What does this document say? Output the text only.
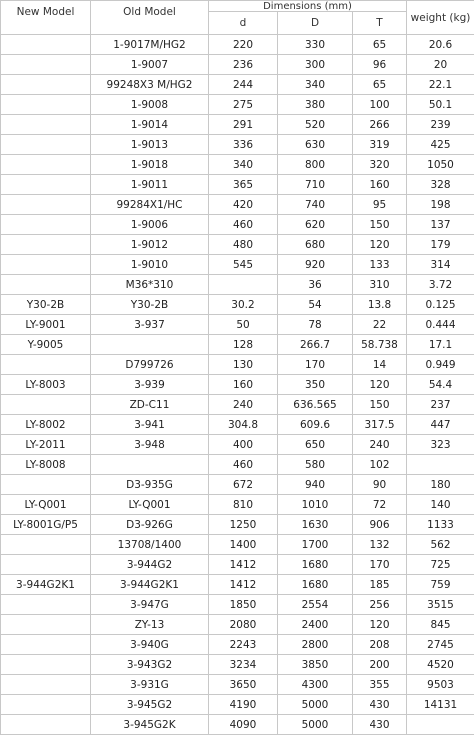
New Model	Old Model	Dimensions (mm)			weight (kg)
		d	D	T	
	1-9017M/HG2	220	330	65	20.6
	1-9007	236	300	96	20
	99248X3 M/HG2	244	340	65	22.1
	1-9008	275	380	100	50.1
	1-9014	291	520	266	239
	1-9013	336	630	319	425
	1-9018	340	800	320	1050
	1-9011	365	710	160	328
	99284X1/HC	420	740	95	198
	1-9006	460	620	150	137
	1-9012	480	680	120	179
	1-9010	545	920	133	314
	M36*310		36	310	3.72
Y30-2B	Y30-2B	30.2	54	13.8	0.125
LY-9001	3-937	50	78	22	0.444
Y-9005		128	266.7	58.738	17.1
	D799726	130	170	14	0.949
LY-8003	3-939	160	350	120	54.4
	ZD-C11	240	636.565	150	237
LY-8002	3-941	304.8	609.6	317.5	447
LY-2011	3-948	400	650	240	323
LY-8008		460	580	102	
	D3-935G	672	940	90	180
LY-Q001	LY-Q001	810	1010	72	140
LY-8001G/P5	D3-926G	1250	1630	906	1133
	13708/1400	1400	1700	132	562
	3-944G2	1412	1680	170	725
3-944G2K1	3-944G2K1	1412	1680	185	759
	3-947G	1850	2554	256	3515
	ZY-13	2080	2400	120	845
	3-940G	2243	2800	208	2745
	3-943G2	3234	3850	200	4520
	3-931G	3650	4300	355	9503
	3-945G2	4190	5000	430	14131
	3-945G2K	4090	5000	430	
